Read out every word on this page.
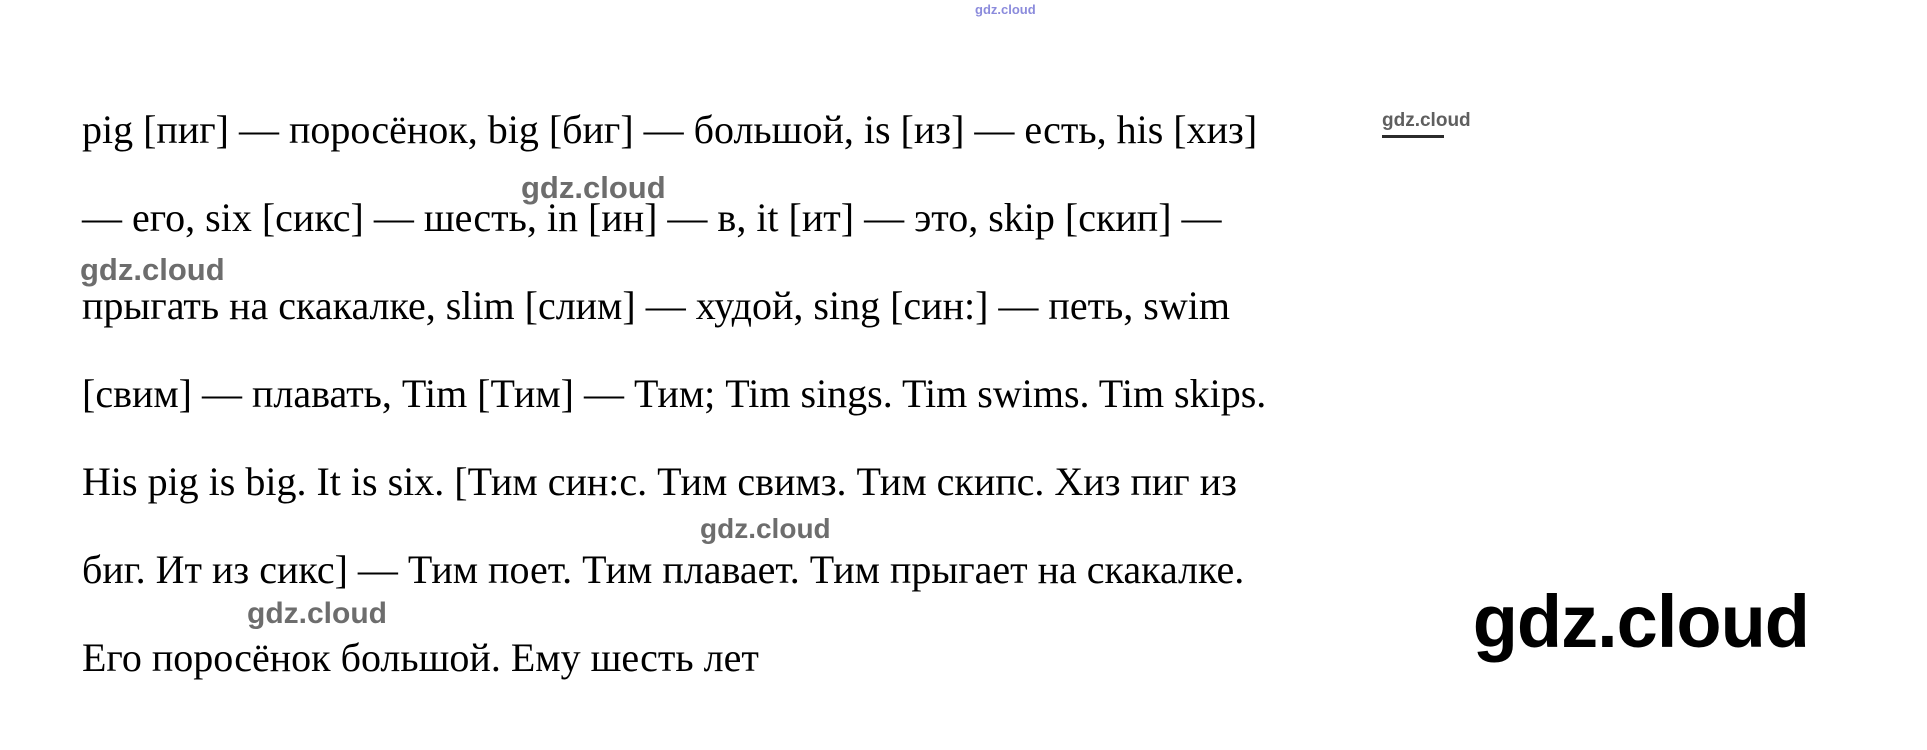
gdz.cloud
pig [пиг] — поросёнок, big [биг] — большой, is [из] — есть, his [хиз]
— его, six [сикс] — шесть, in [ин] — в, it [ит] — это, skip [скип] —
прыгать на скакалке, slim [слим] — худой, sing [син:] — петь, swim
[свим] — плавать, Tim [Тим] — Тим; Tim sings. Tim swims. Tim skips.
His pig is big. It is six. [Тим син:с. Тим свимз. Тим скипс. Хиз пиг из
биг. Ит из сикс] — Тим поет. Тим плавает. Тим прыгает на скакалке.
Его поросёнок большой. Ему шесть лет
gdz.cloud
gdz.cloud
gdz.cloud
gdz.cloud
gdz.cloud	gdz.cloud
